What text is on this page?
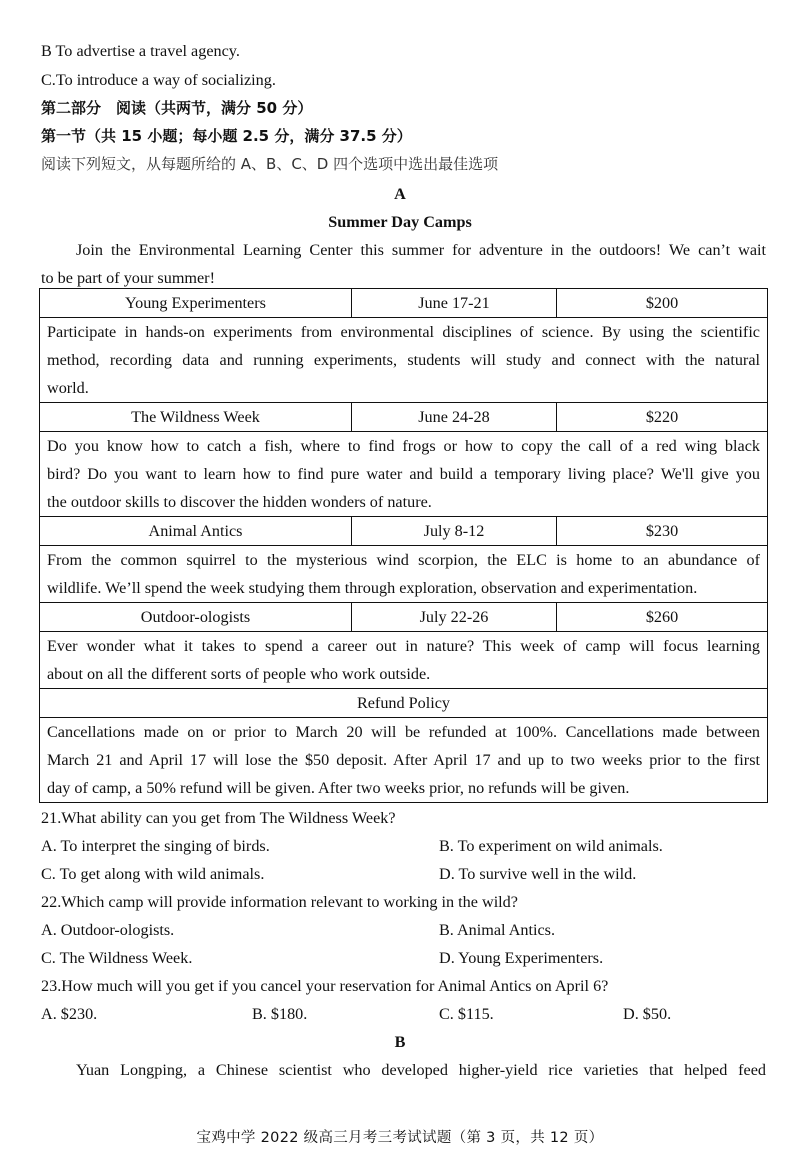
B To advertise a travel agency.
C.To introduce a way of socializing.
第二部分　阅读（共两节，满分 50 分）
第一节（共 15 小题；每小题 2.5 分，满分 37.5 分）
阅读下列短文，从每题所给的 A、B、C、D 四个选项中选出最佳选项
A
Summer Day Camps
Join the Environmental Learning Center this summer for adventure in the outdoors! We can’t wait
to be part of your summer!
Young Experimenters	June 17-21	$200

Participate in hands-on experiments from environmental disciplines of science. By using the scientific
method, recording data and running experiments, students will study and connect with the natural
world.		

The Wildness Week	June 24-28	$220

Do you know how to catch a fish, where to find frogs or how to copy the call of a red wing black
bird? Do you want to learn how to find pure water and build a temporary living place? We'll give you
the outdoor skills to discover the hidden wonders of nature.		

Animal Antics	July 8-12	$230

From the common squirrel to the mysterious wind scorpion, the ELC is home to an abundance of
wildlife. We’ll spend the week studying them through exploration, observation and experimentation.		

Outdoor-ologists	July 22-26	$260

Ever wonder what it takes to spend a career out in nature? This week of camp will focus learning
about on all the different sorts of people who work outside.		

Refund Policy		

Cancellations made on or prior to March 20 will be refunded at 100%. Cancellations made between
March 21 and April 17 will lose the $50 deposit. After April 17 and up to two weeks prior to the first
day of camp, a 50% refund will be given. After two weeks prior, no refunds will be given.		
21.What ability can you get from The Wildness Week?
A. To interpret the singing of birds.	B. To experiment on wild animals.
C. To get along with wild animals.	D. To survive well in the wild.
22.Which camp will provide information relevant to working in the wild?
A. Outdoor-ologists.	B. Animal Antics.
C. The Wildness Week.	D. Young Experimenters.
23.How much will you get if you cancel your reservation for Animal Antics on April 6?
A. $230.	B. $180.	C. $115.	D. $50.
B
Yuan Longping, a Chinese scientist who developed higher-yield rice varieties that helped feed
宝鸡中学 2022 级高三月考三考试试题（第 3 页，共 12 页）
